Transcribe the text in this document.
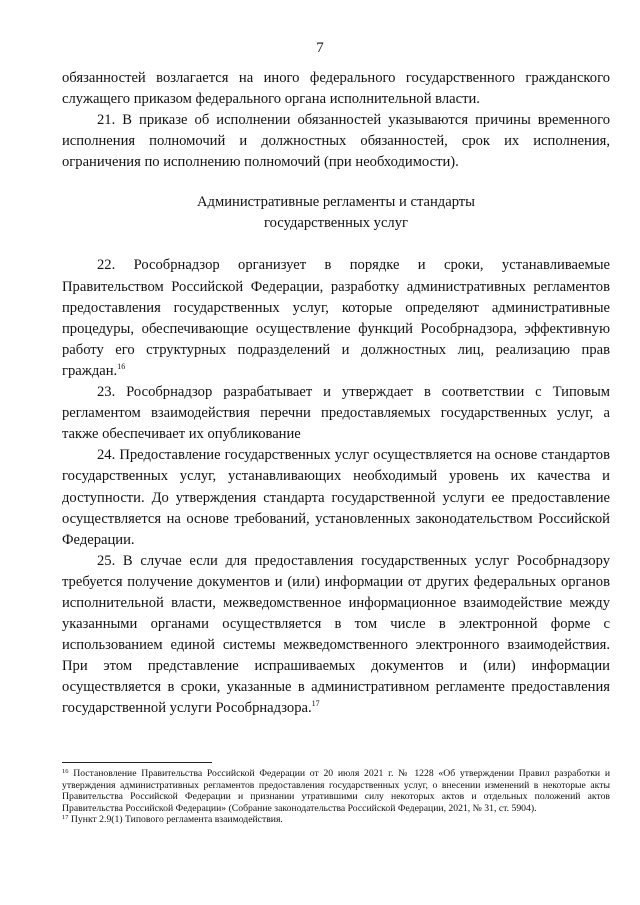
7

обязанностей возлагается на иного федерального государственного гражданского служащего приказом федерального органа исполнительной власти.

21. В приказе об исполнении обязанностей указываются причины временного исполнения полномочий и должностных обязанностей, срок их исполнения, ограничения по исполнению полномочий (при необходимости).

Административные регламенты и стандарты
государственных услуг

22. Рособрнадзор организует в порядке и сроки, устанавливаемые Правительством Российской Федерации, разработку административных регламентов предоставления государственных услуг, которые определяют административные процедуры, обеспечивающие осуществление функций Рособрнадзора, эффективную работу его структурных подразделений и должностных лиц, реализацию прав граждан.$^{16}$

23. Рособрнадзор разрабатывает и утверждает в соответствии с Типовым регламентом взаимодействия перечни предоставляемых государственных услуг, а также обеспечивает их опубликование

24. Предоставление государственных услуг осуществляется на основе стандартов государственных услуг, устанавливающих необходимый уровень их качества и доступности. До утверждения стандарта государственной услуги ее предоставление осуществляется на основе требований, установленных законодательством Российской Федерации.

25. В случае если для предоставления государственных услуг Рособрнадзору требуется получение документов и (или) информации от других федеральных органов исполнительной власти, межведомственное информационное взаимодействие между указанными органами осуществляется в том числе в электронной форме с использованием единой системы межведомственного электронного взаимодействия. При этом представление испрашиваемых документов и (или) информации осуществляется в сроки, указанные в административном регламенте предоставления государственной услуги Рособрнадзора.$^{17}$

$^{16}$ Постановление Правительства Российской Федерации от 20 июля 2021 г. № 1228 «Об утверждении Правил разработки и утверждения административных регламентов предоставления государственных услуг, о внесении изменений в некоторые акты Правительства Российской Федерации и признании утратившими силу некоторых актов и отдельных положений актов Правительства Российской Федерации» (Собрание законодательства Российской Федерации, 2021, № 31, ст. 5904).

$^{17}$ Пункт 2.9(1) Типового регламента взаимодействия.
